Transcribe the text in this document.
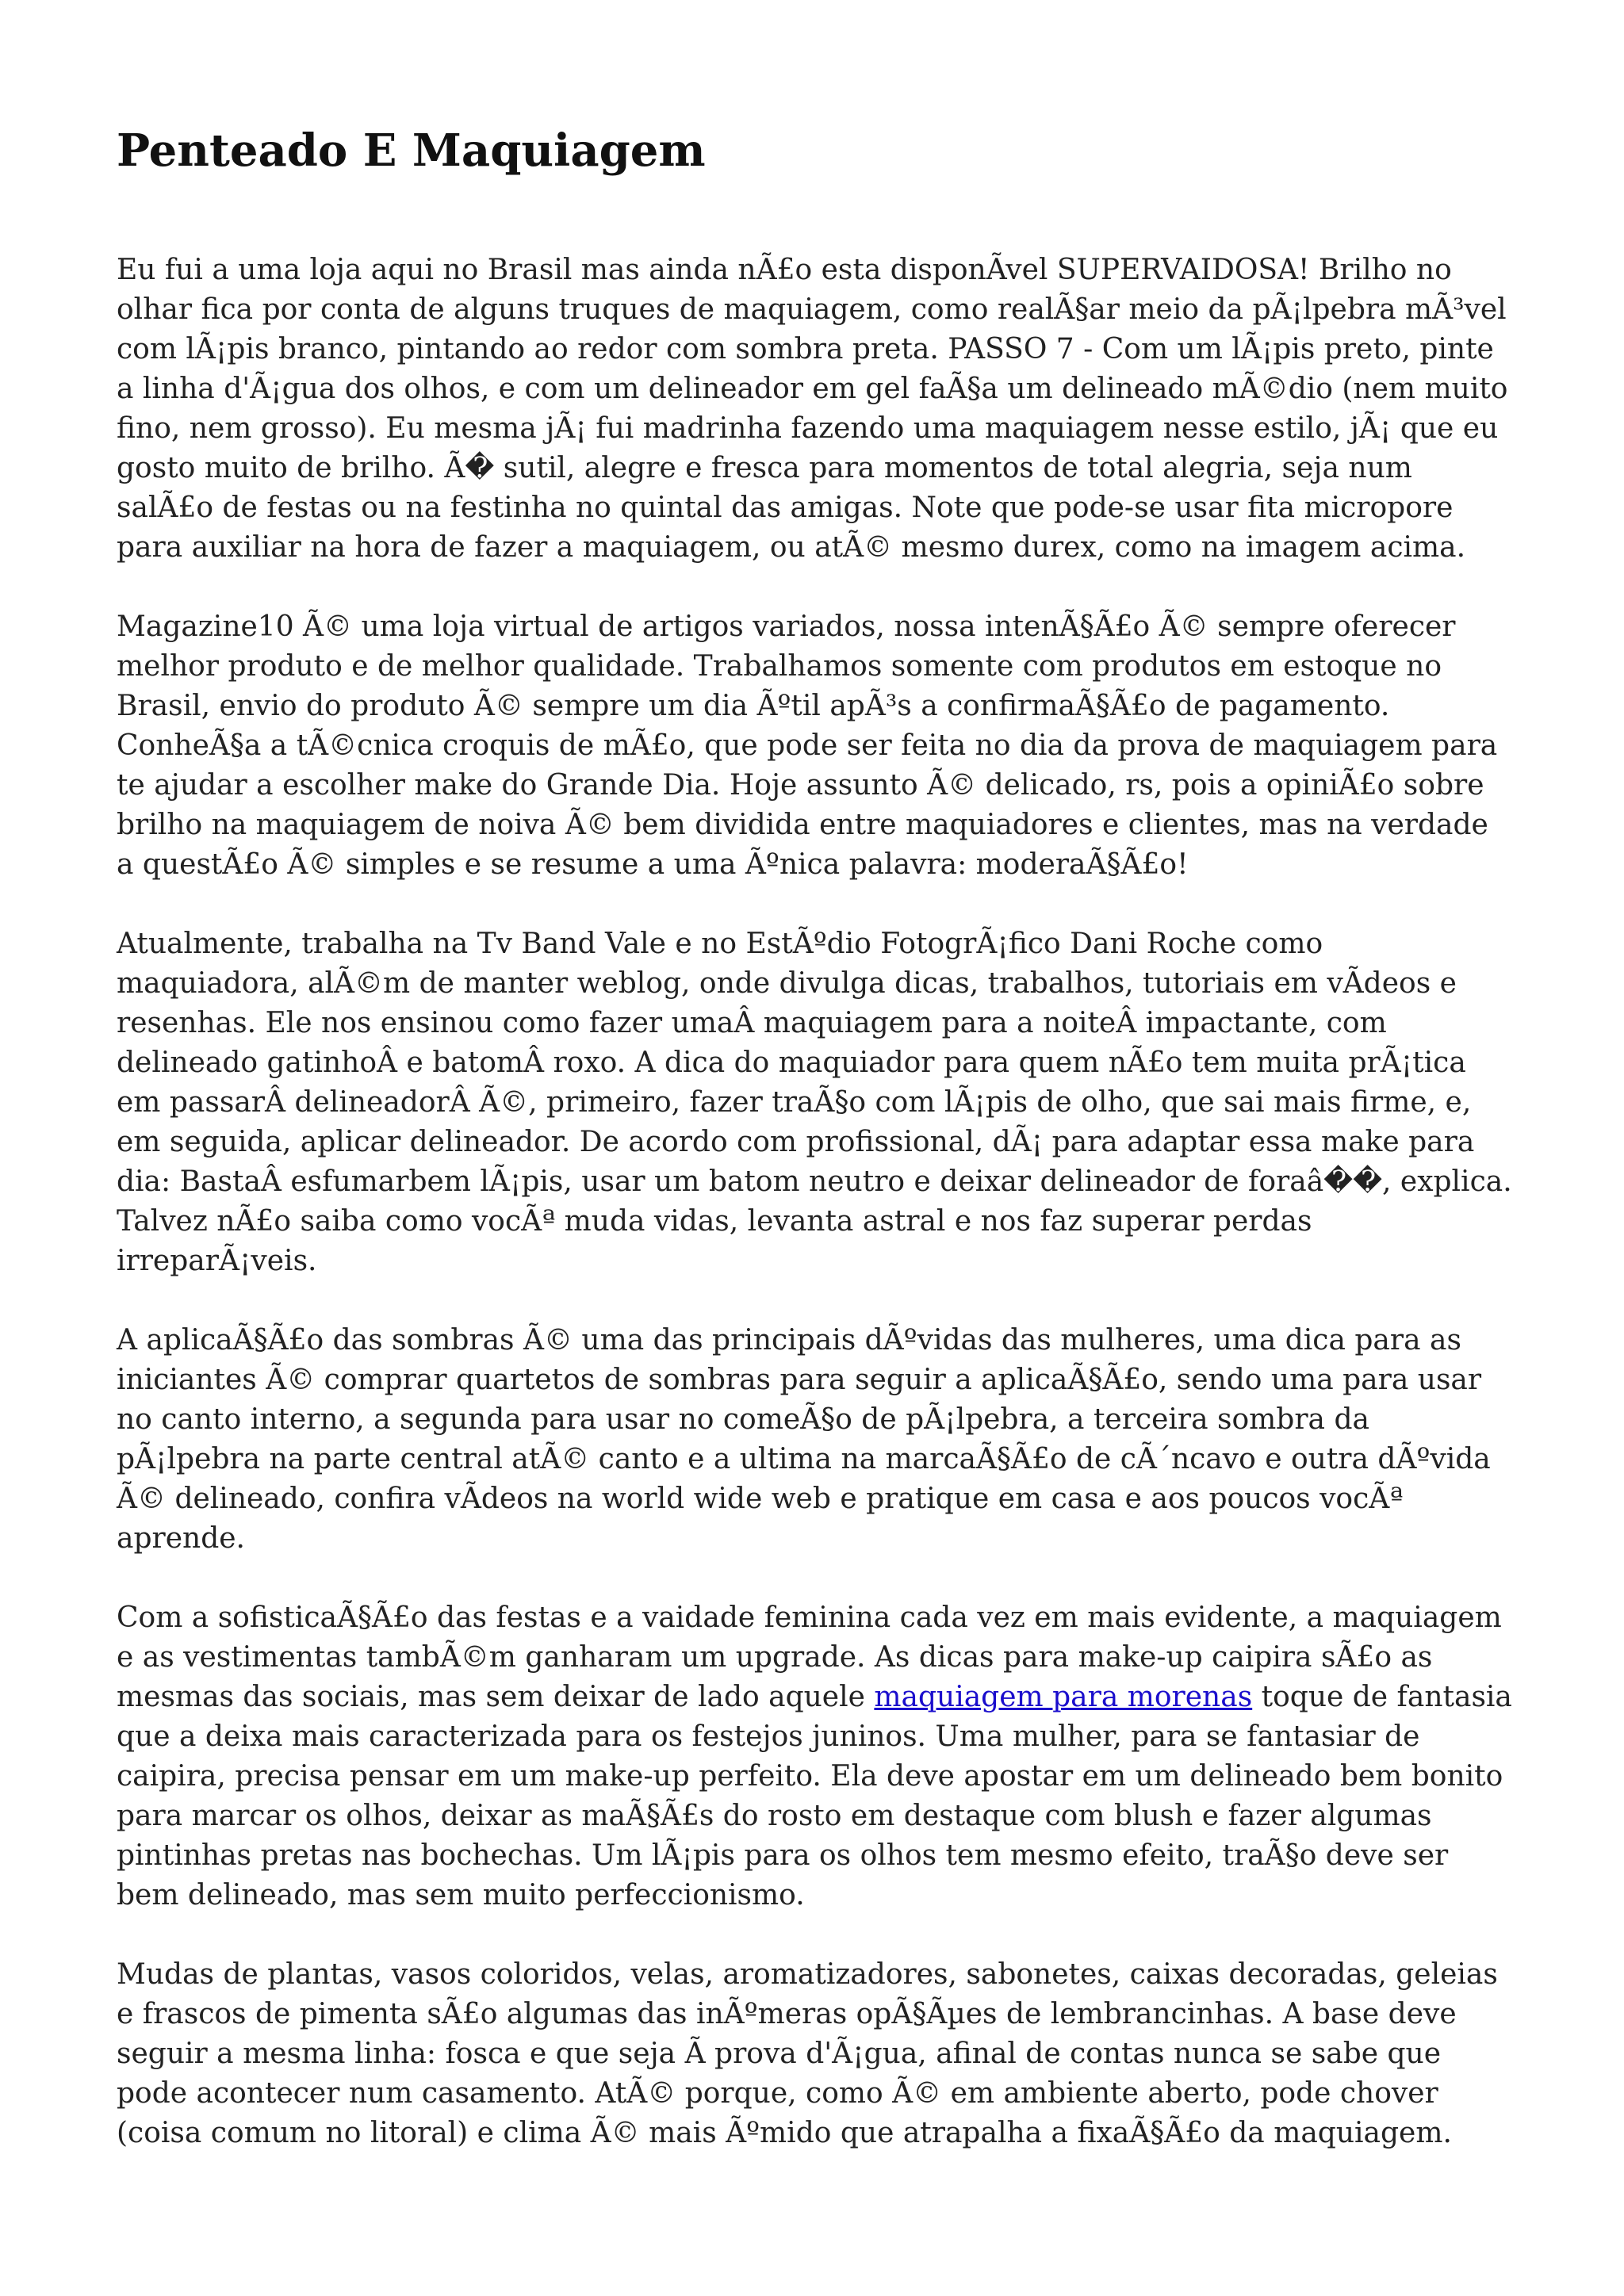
Penteado E Maquiagem

Eu fui a uma loja aqui no Brasil mas ainda nÃ£o esta disponÃvel SUPERVAIDOSA! Brilho no olhar fica por conta de alguns truques de maquiagem, como realÃ§ar meio da pÃ¡lpebra mÃ³vel com lÃ¡pis branco, pintando ao redor com sombra preta. PASSO 7 - Com um lÃ¡pis preto, pinte a linha d'Ã¡gua dos olhos, e com um delineador em gel faÃ§a um delineado mÃ©dio (nem muito fino, nem grosso). Eu mesma jÃ¡ fui madrinha fazendo uma maquiagem nesse estilo, jÃ¡ que eu gosto muito de brilho. Ã� sutil, alegre e fresca para momentos de total alegria, seja num salÃ£o de festas ou na festinha no quintal das amigas. Note que pode-se usar fita micropore para auxiliar na hora de fazer a maquiagem, ou atÃ© mesmo durex, como na imagem acima.

Magazine10 Ã© uma loja virtual de artigos variados, nossa intenÃ§Ã£o Ã© sempre oferecer melhor produto e de melhor qualidade. Trabalhamos somente com produtos em estoque no Brasil, envio do produto Ã© sempre um dia Ãºtil apÃ³s a confirmaÃ§Ã£o de pagamento. ConheÃ§a a tÃ©cnica croquis de mÃ£o, que pode ser feita no dia da prova de maquiagem para te ajudar a escolher make do Grande Dia. Hoje assunto Ã© delicado, rs, pois a opiniÃ£o sobre brilho na maquiagem de noiva Ã© bem dividida entre maquiadores e clientes, mas na verdade a questÃ£o Ã© simples e se resume a uma Ãºnica palavra: moderaÃ§Ã£o!

Atualmente, trabalha na Tv Band Vale e no EstÃºdio FotogrÃ¡fico Dani Roche como maquiadora, alÃ©m de manter weblog, onde divulga dicas, trabalhos, tutoriais em vÃdeos e resenhas. Ele nos ensinou como fazer umaÂ maquiagem para a noiteÂ impactante, com delineado gatinhoÂ e batomÂ roxo. A dica do maquiador para quem nÃ£o tem muita prÃ¡tica em passarÂ delineadorÂ Ã©, primeiro, fazer traÃ§o com lÃ¡pis de olho, que sai mais firme, e, em seguida, aplicar delineador. De acordo com profissional, dÃ¡ para adaptar essa make para dia: BastaÂ esfumarbem lÃ¡pis, usar um batom neutro e deixar delineador de foraâ��, explica. Talvez nÃ£o saiba como vocÃª muda vidas, levanta astral e nos faz superar perdas irreparÃ¡veis.

A aplicaÃ§Ã£o das sombras Ã© uma das principais dÃºvidas das mulheres, uma dica para as iniciantes Ã© comprar quartetos de sombras para seguir a aplicaÃ§Ã£o, sendo uma para usar no canto interno, a segunda para usar no comeÃ§o de pÃ¡lpebra, a terceira sombra da pÃ¡lpebra na parte central atÃ© canto e a ultima na marcaÃ§Ã£o de cÃ´ncavo e outra dÃºvida Ã© delineado, confira vÃdeos na world wide web e pratique em casa e aos poucos vocÃª aprende.

Com a sofisticaÃ§Ã£o das festas e a vaidade feminina cada vez em mais evidente, a maquiagem e as vestimentas tambÃ©m ganharam um upgrade. As dicas para make-up caipira sÃ£o as mesmas das sociais, mas sem deixar de lado aquele maquiagem para morenas toque de fantasia que a deixa mais caracterizada para os festejos juninos. Uma mulher, para se fantasiar de caipira, precisa pensar em um make-up perfeito. Ela deve apostar em um delineado bem bonito para marcar os olhos, deixar as maÃ§Ã£s do rosto em destaque com blush e fazer algumas pintinhas pretas nas bochechas. Um lÃ¡pis para os olhos tem mesmo efeito, traÃ§o deve ser bem delineado, mas sem muito perfeccionismo.

Mudas de plantas, vasos coloridos, velas, aromatizadores, sabonetes, caixas decoradas, geleias e frascos de pimenta sÃ£o algumas das inÃºmeras opÃ§Ãµes de lembrancinhas. A base deve seguir a mesma linha: fosca e que seja Ã prova d'Ã¡gua, afinal de contas nunca se sabe que pode acontecer num casamento. AtÃ© porque, como Ã© em ambiente aberto, pode chover (coisa comum no litoral) e clima Ã© mais Ãºmido que atrapalha a fixaÃ§Ã£o da maquiagem.
